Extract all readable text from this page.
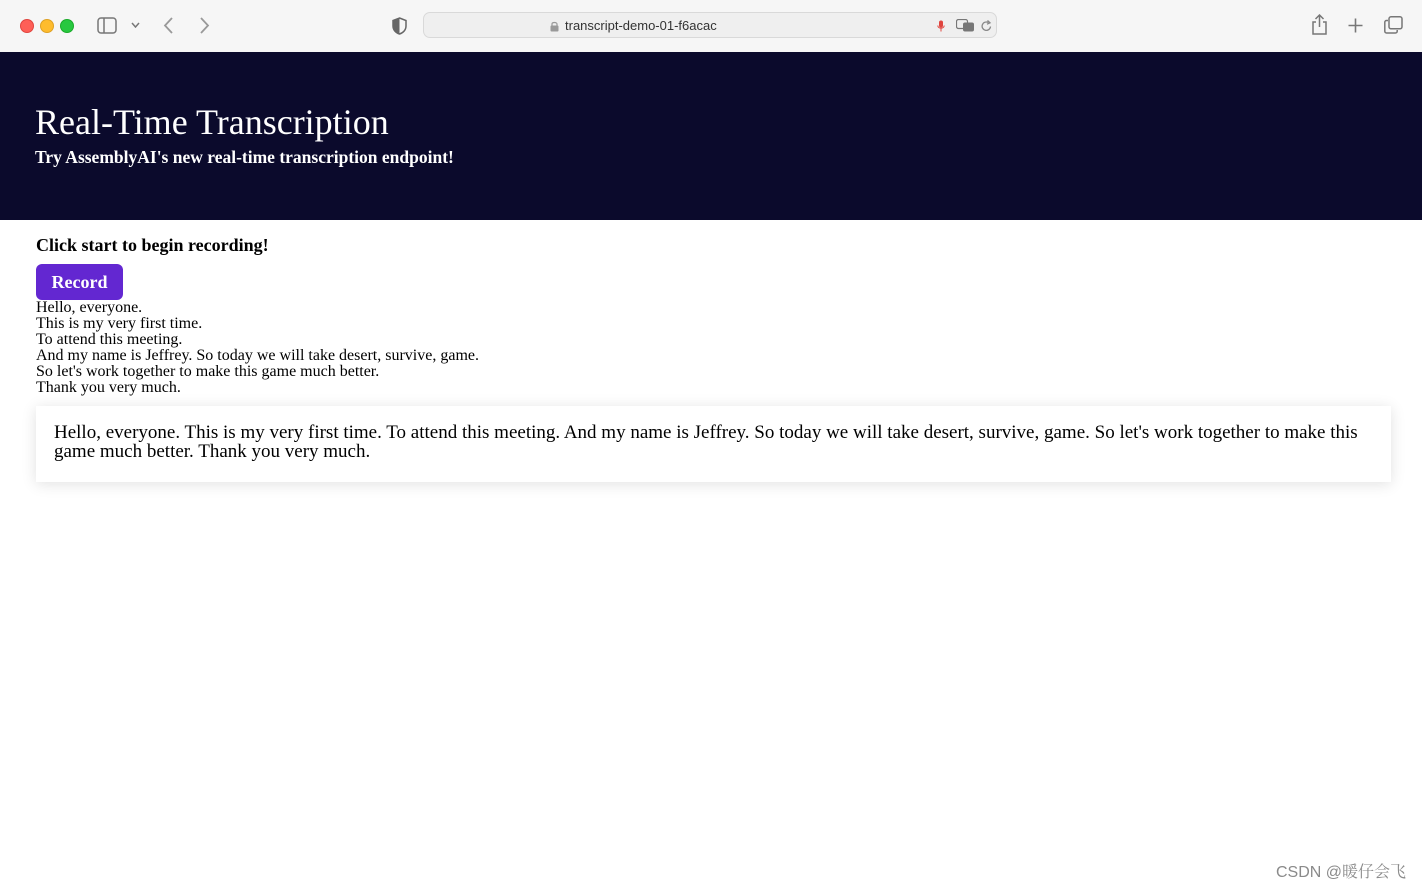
transcript-demo-01-f6acac
Real-Time Transcription
Try AssemblyAI's new real-time transcription endpoint!
Click start to begin recording!
Record
Hello, everyone.
This is my very first time.
To attend this meeting.
And my name is Jeffrey. So today we will take desert, survive, game.
So let's work together to make this game much better.
Thank you very much.
Hello, everyone. This is my very first time. To attend this meeting. And my name is Jeffrey. So today we will take desert, survive, game. So let's work together to make this game much better. Thank you very much.
CSDN @暖仔会飞
